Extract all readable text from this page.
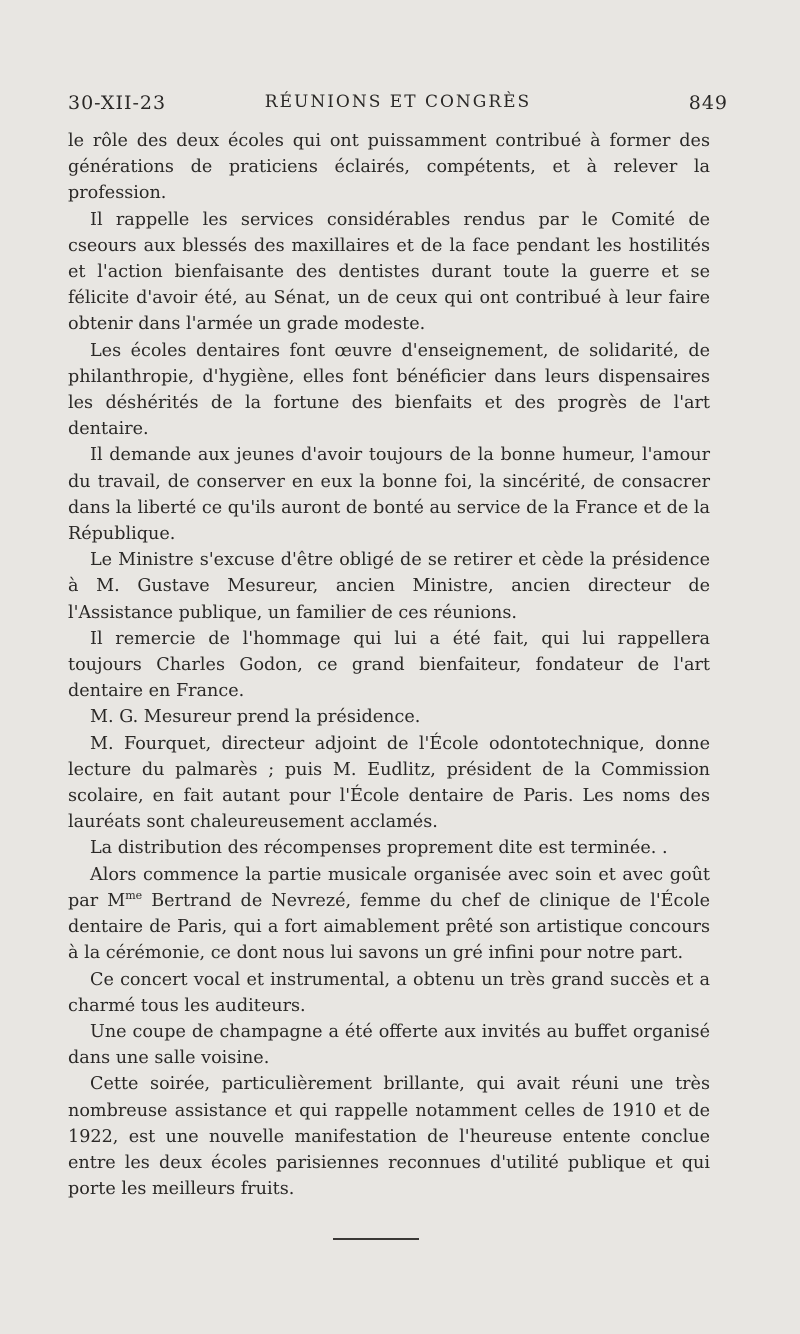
30-XII-23	RÉUNIONS ET CONGRÈS	849

le rôle des deux écoles qui ont puissamment contribué à former des générations de praticiens éclairés, compétents, et à relever la profession.

Il rappelle les services considérables rendus par le Comité de cseours aux blessés des maxillaires et de la face pendant les hostilités et l'action bienfaisante des dentistes durant toute la guerre et se félicite d'avoir été, au Sénat, un de ceux qui ont contribué à leur faire obtenir dans l'armée un grade modeste.

Les écoles dentaires font œuvre d'enseignement, de solidarité, de philanthropie, d'hygiène, elles font bénéficier dans leurs dispensaires les déshérités de la fortune des bienfaits et des progrès de l'art dentaire.

Il demande aux jeunes d'avoir toujours de la bonne humeur, l'amour du travail, de conserver en eux la bonne foi, la sincérité, de consacrer dans la liberté ce qu'ils auront de bonté au service de la France et de la République.

Le Ministre s'excuse d'être obligé de se retirer et cède la présidence à M. Gustave Mesureur, ancien Ministre, ancien directeur de l'Assistance publique, un familier de ces réunions.

Il remercie de l'hommage qui lui a été fait, qui lui rappellera toujours Charles Godon, ce grand bienfaiteur, fondateur de l'art dentaire en France.

M. G. Mesureur prend la présidence.

M. Fourquet, directeur adjoint de l'École odontotechnique, donne lecture du palmarès ; puis M. Eudlitz, président de la Commission scolaire, en fait autant pour l'École dentaire de Paris. Les noms des lauréats sont chaleureusement acclamés.

La distribution des récompenses proprement dite est terminée. .

Alors commence la partie musicale organisée avec soin et avec goût par $M^{me}$ Bertrand de Nevrezé, femme du chef de clinique de l'École dentaire de Paris, qui a fort aimablement prêté son artistique concours à la cérémonie, ce dont nous lui savons un gré infini pour notre part.

Ce concert vocal et instrumental, a obtenu un très grand succès et a charmé tous les auditeurs.

Une coupe de champagne a été offerte aux invités au buffet organisé dans une salle voisine.

Cette soirée, particulièrement brillante, qui avait réuni une très nombreuse assistance et qui rappelle notamment celles de 1910 et de 1922, est une nouvelle manifestation de l'heureuse entente conclue entre les deux écoles parisiennes reconnues d'utilité publique et qui porte les meilleurs fruits.
